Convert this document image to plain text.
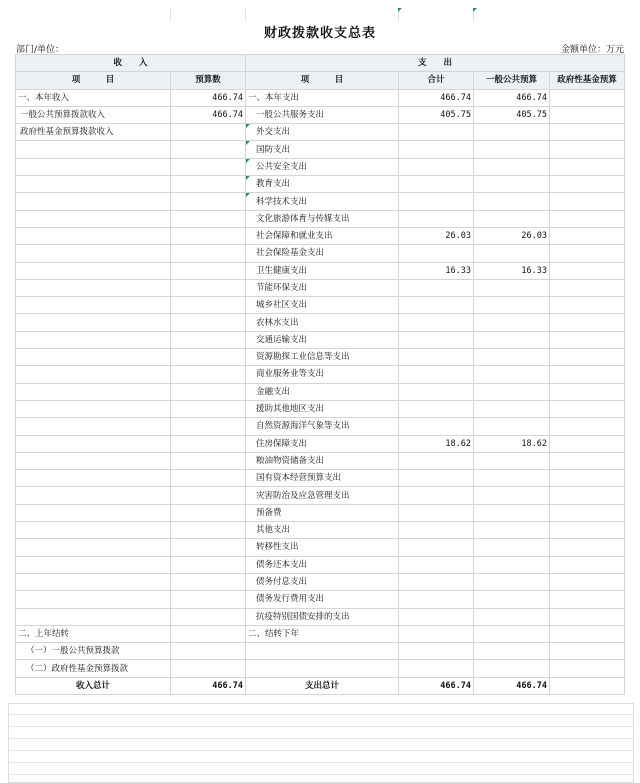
财政拨款收支总表
部门/单位：	金额单位：万元
收　　入		支　　出			
项　　　目	预算数	项　　　目	合计	一般公共预算	政府性基金预算
一、本年收入	466.74	一、本年支出	466.74	466.74	
一般公共预算拨款收入	466.74	一般公共服务支出	405.75	405.75	
政府性基金预算拨款收入		外交支出			
		国防支出			
		公共安全支出			
		教育支出			
		科学技术支出			
		文化旅游体育与传媒支出			
		社会保障和就业支出	26.03	26.03	
		社会保险基金支出			
		卫生健康支出	16.33	16.33	
		节能环保支出			
		城乡社区支出			
		农林水支出			
		交通运输支出			
		资源勘探工业信息等支出			
		商业服务业等支出			
		金融支出			
		援助其他地区支出			
		自然资源海洋气象等支出			
		住房保障支出	18.62	18.62	
		粮油物资储备支出			
		国有资本经营预算支出			
		灾害防治及应急管理支出			
		预备费			
		其他支出			
		转移性支出			
		债务还本支出			
		债务付息支出			
		债务发行费用支出			
		抗疫特别国债安排的支出			
二、上年结转		二、结转下年			
（一）一般公共预算拨款					
（二）政府性基金预算拨款					
收入总计	466.74	支出总计	466.74	466.74	
